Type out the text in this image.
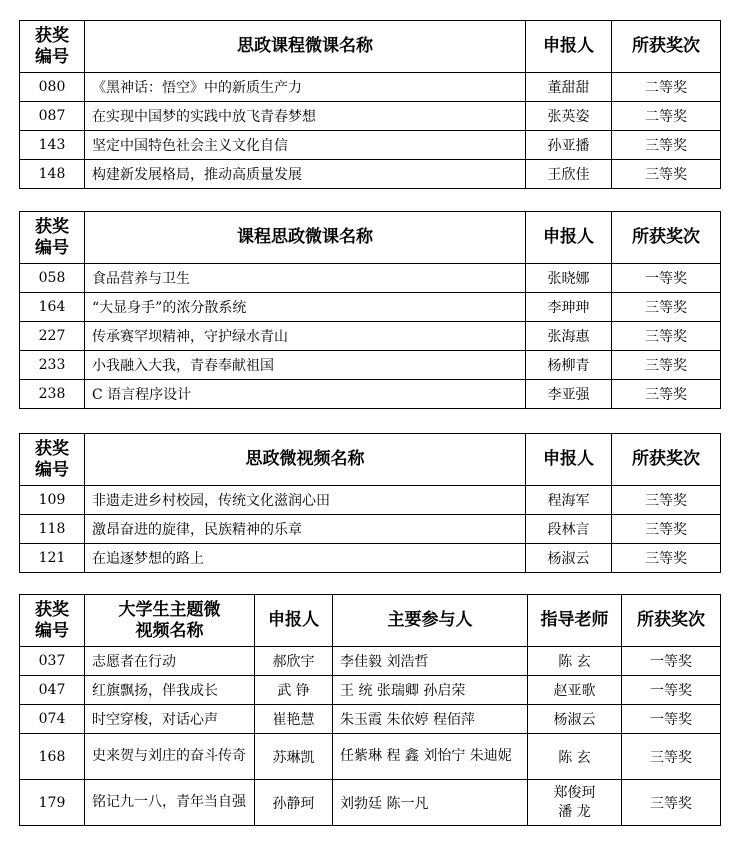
获奖编号	思政课程微课名称	申报人	所获奖次
080	《黑神话：悟空》中的新质生产力	董甜甜	二等奖
087	在实现中国梦的实践中放飞青春梦想	张英姿	二等奖
143	坚定中国特色社会主义文化自信	孙亚播	三等奖
148	构建新发展格局，推动高质量发展	王欣佳	三等奖
获奖编号	课程思政微课名称	申报人	所获奖次
058	食品营养与卫生	张晓娜	一等奖
164	“大显身手”的浓分散系统	李珅珅	三等奖
227	传承赛罕坝精神，守护绿水青山	张海惠	三等奖
233	小我融入大我，青春奉献祖国	杨柳青	三等奖
238	C 语言程序设计	李亚强	三等奖
获奖编号	思政微视频名称	申报人	所获奖次
109	非遗走进乡村校园，传统文化滋润心田	程海军	三等奖
118	激昂奋进的旋律，民族精神的乐章	段林言	三等奖
121	在追逐梦想的路上	杨淑云	三等奖
获奖编号	大学生主题微视频名称	申报人	主要参与人	指导老师	所获奖次
037	志愿者在行动	郝欣宇	李佳毅 刘浩哲	陈 玄	一等奖
047	红旗飘扬，伴我成长	武 铮	王 统 张瑞卿 孙启荣	赵亚歌	一等奖
074	时空穿梭，对话心声	崔艳慧	朱玉霞 朱依婷 程佰萍	杨淑云	一等奖
168	史来贺与刘庄的奋斗传奇	苏琳凯	任紫琳 程 鑫 刘怡宁 朱迪妮	陈 玄	三等奖
179	铭记九一八，青年当自强	孙静珂	刘勃廷 陈一凡	郑俊珂 潘 龙	三等奖
